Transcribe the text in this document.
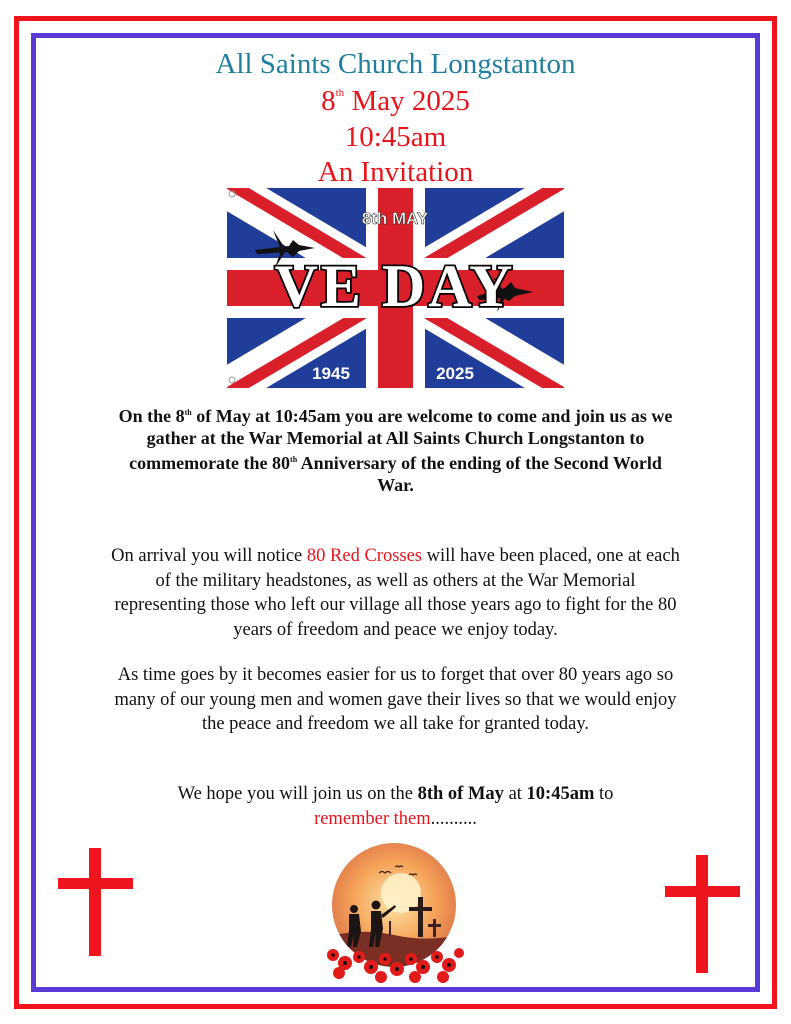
All Saints Church Longstanton
8th May 2025
10:45am
An Invitation
8th MAY
VE DAY
1945	2025

On the 8th of May at 10:45am you are welcome to come and join us as we gather at the War Memorial at All Saints Church Longstanton to commemorate the 80th Anniversary of the ending of the Second World War.

On arrival you will notice 80 Red Crosses will have been placed, one at each of the military headstones, as well as others at the War Memorial representing those who left our village all those years ago to fight for the 80 years of freedom and peace we enjoy today.

As time goes by it becomes easier for us to forget that over 80 years ago so many of our young men and women gave their lives so that we would enjoy the peace and freedom we all take for granted today.

We hope you will join us on the 8th of May at 10:45am to
remember them..........
